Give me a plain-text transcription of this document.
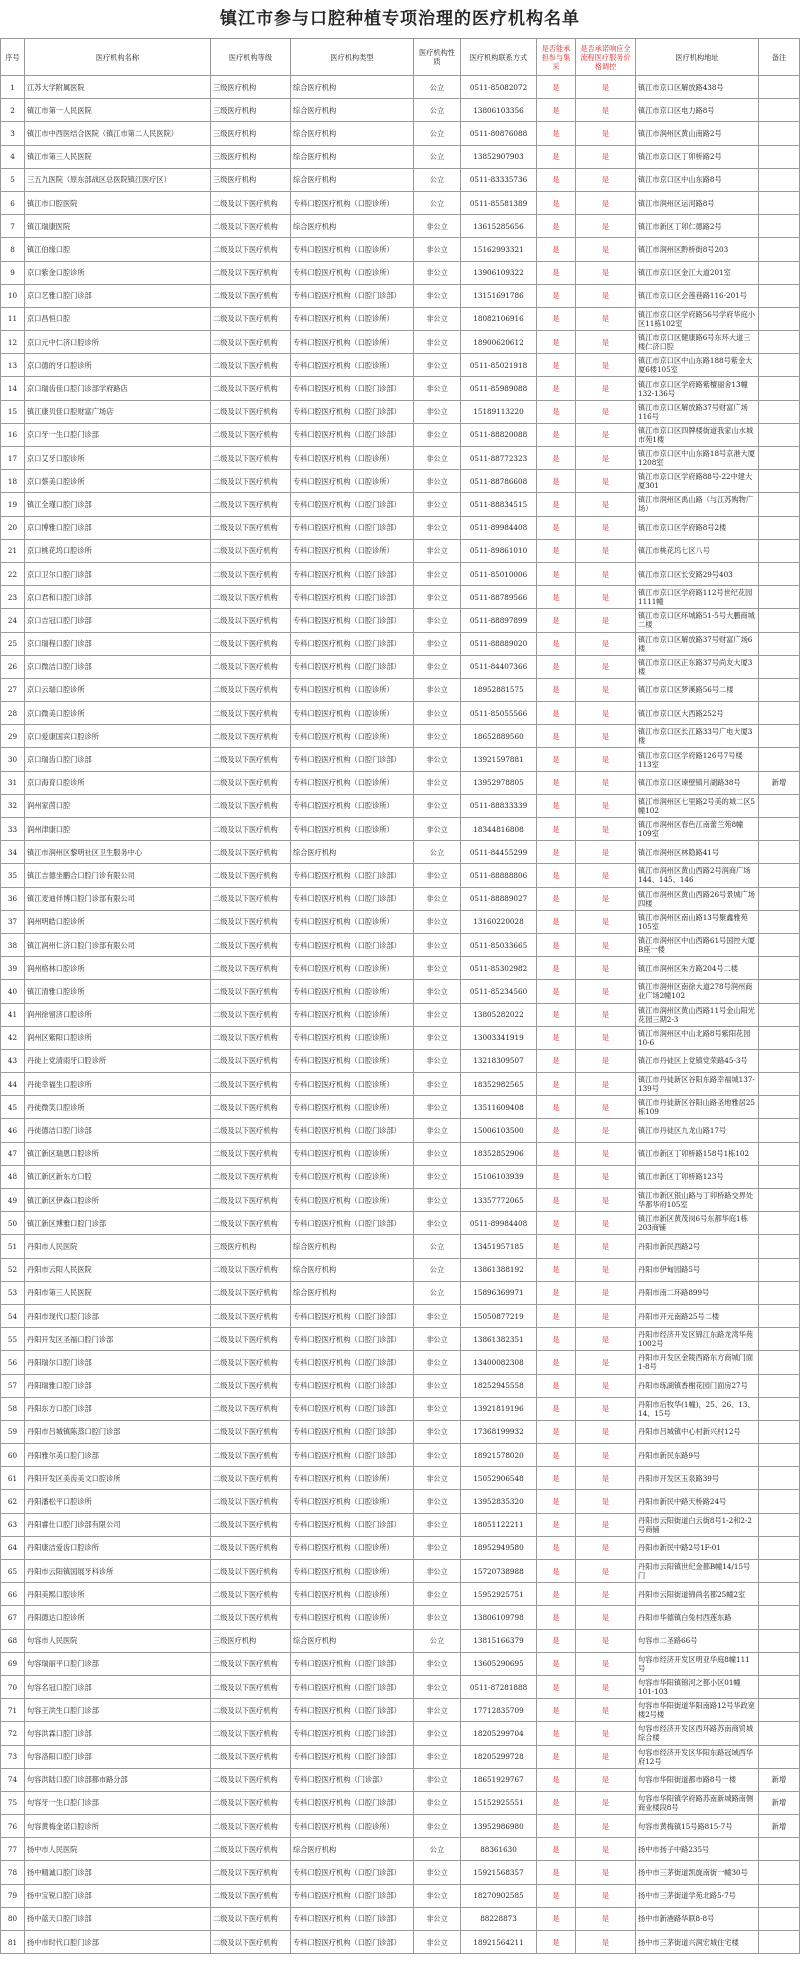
镇江市参与口腔种植专项治理的医疗机构名单
序号	医疗机构名称	医疗机构等级	医疗机构类型	医疗机构性质	医疗机构联系方式	是否能承担参与集采	是否承诺响应全流程医疗服务价格调控	医疗机构地址	备注
1	江苏大学附属医院	三级医疗机构	综合医疗机构	公立	0511-85082072	是	是	镇江市京口区解放路438号	
2	镇江市第一人民医院	三级医疗机构	综合医疗机构	公立	13806103356	是	是	镇江市京口区电力路8号	
3	镇江市中西医结合医院（镇江市第二人民医院）	三级医疗机构	综合医疗机构	公立	0511-80876088	是	是	镇江市润州区黄山南路2号	
4	镇江市第三人民医院	三级医疗机构	综合医疗机构	公立	13852907903	是	是	镇江市京口区丁卯桥路2号	
5	三五九医院（原东部战区总医院镇江医疗区）	三级医疗机构	综合医疗机构	公立	0511-83335736	是	是	镇江市京口区中山东路8号	
6	镇江市口腔医院	二级及以下医疗机构	专科口腔医疗机构（口腔诊所）	公立	0511-85581389	是	是	镇江市润州区运河路8号	
7	镇江瑞康医院	二级及以下医疗机构	综合医疗机构	非公立	13615285656	是	是	镇江市新区丁卯仁德路2号	
8	镇江伯缘口腔	二级及以下医疗机构	专科口腔医疗机构（口腔诊所）	非公立	15162993321	是	是	镇江市润州区黔桥街8号203	
9	京口紫金口腔诊所	二级及以下医疗机构	专科口腔医疗机构（口腔诊所）	非公立	13906109322	是	是	镇江市京口区金江大道201室	
10	京口艺雅口腔门诊部	二级及以下医疗机构	专科口腔医疗机构（口腔门诊部）	非公立	13151691786	是	是	镇江市京口区会莲巷路116-201号	
11	京口昌恒口腔	二级及以下医疗机构	专科口腔医疗机构（口腔诊所）	非公立	18082106916	是	是	镇江市京口区学府路56号学府华庭小区11栋102室	
12	京口元中仁济口腔诊所	二级及以下医疗机构	专科口腔医疗机构（口腔诊所）	非公立	18900620612	是	是	镇江市京口区健康路6号东环大道三楼仁济口腔	
13	京口德的牙口腔诊所	二级及以下医疗机构	专科口腔医疗机构（口腔诊所）	非公立	0511-85021918	是	是	镇江市京口区中山东路188号紫金大厦6楼105室	
14	京口瑞齿佳口腔门诊部学府路店	二级及以下医疗机构	专科口腔医疗机构（口腔门诊部）	非公立	0511-85989088	是	是	镇江市京口区学府路紫檀丽舍13幢132-136号	
15	镇江康贝佳口腔财富广场店	二级及以下医疗机构	专科口腔医疗机构（口腔门诊部）	非公立	15189113220	是	是	镇江市京口区解放路37号财富广场116号	
16	京口牙一生口腔门诊部	二级及以下医疗机构	专科口腔医疗机构（口腔门诊部）	非公立	0511-88820088	是	是	镇江市京口区四牌楼街道我家山水城市苑1楼	
17	京口艾牙口腔诊所	二级及以下医疗机构	专科口腔医疗机构（口腔诊所）	非公立	0511-88772323	是	是	镇江市京口区中山东路18号京港大厦1208室	
18	京口蔡美口腔诊所	二级及以下医疗机构	专科口腔医疗机构（口腔诊所）	非公立	0511-88786608	是	是	镇江市京口区学府路88号-22中建大厦301	
19	镇江全瑾口腔门诊部	二级及以下医疗机构	专科口腔医疗机构（口腔门诊部）	非公立	0511-88834515	是	是	镇江市润州区禹山路（与江苏购物广场）	
20	京口博雅口腔门诊部	二级及以下医疗机构	专科口腔医疗机构（口腔门诊部）	非公立	0511-89984408	是	是	镇江市京口区学府路8号2楼	
21	京口桃花坞口腔诊所	二级及以下医疗机构	专科口腔医疗机构（口腔诊所）	非公立	0511-89861010	是	是	镇江市桃花坞七区八号	
22	京口卫尔口腔门诊部	二级及以下医疗机构	专科口腔医疗机构（口腔门诊部）	非公立	0511-85010006	是	是	镇江市京口区长安路29号403	
23	京口君和口腔门诊部	二级及以下医疗机构	专科口腔医疗机构（口腔门诊部）	非公立	0511-88789566	是	是	镇江市京口区学府路112号世纪花园1111幢	
24	京口吉冠口腔门诊部	二级及以下医疗机构	专科口腔医疗机构（口腔门诊部）	非公立	0511-88897899	是	是	镇江市京口区环城路51-5号大鹏商城二楼	
25	京口瑞程口腔门诊部	二级及以下医疗机构	专科口腔医疗机构（口腔门诊部）	非公立	0511-88889020	是	是	镇江市京口区解放路37号财富广场6楼	
26	京口微洁口腔门诊部	二级及以下医疗机构	专科口腔医疗机构（口腔门诊部）	非公立	0511-84407366	是	是	镇江市京口区正东路37号尚友大厦3楼	
27	京口云瑞口腔诊所	二级及以下医疗机构	专科口腔医疗机构（口腔诊所）	非公立	18952881575	是	是	镇江市京口区梦溪路56号二楼	
28	京口微美口腔诊所	二级及以下医疗机构	专科口腔医疗机构（口腔诊所）	非公立	0511-85055566	是	是	镇江市京口区大西路252号	
29	京口爱康国宾口腔诊所	二级及以下医疗机构	专科口腔医疗机构（口腔诊所）	非公立	18652889560	是	是	镇江市京口区长江路33号广电大厦3楼	
30	京口瑞齿口腔门诊部	二级及以下医疗机构	专科口腔医疗机构（口腔门诊部）	非公立	13921597881	是	是	镇江市京口区学府路126号7号楼113室	
31	京口海育口腔诊所	二级及以下医疗机构	专科口腔医疗机构（口腔诊所）	非公立	13952978805	是	是	镇江市京口区谏壁镇月湖路38号	新增
32	润州家茵口腔	二级及以下医疗机构	专科口腔医疗机构（口腔诊所）	非公立	0511-88833339	是	是	镇江市润州区七里路2号美的城二区5幢102	
33	润州津康口腔	二级及以下医疗机构	专科口腔医疗机构（口腔诊所）	非公立	18344816808	是	是	镇江市润州区春色江南蕾兰苑8幢109室	
34	镇江市润州区黎明社区卫生服务中心	二级及以下医疗机构	综合医疗机构	公立	0511-84455299	是	是	镇江市润州区林隐路41号	
35	镇江吉德坐鹏合口腔门诊有限公司	二级及以下医疗机构	专科口腔医疗机构（口腔门诊部）	非公立	0511-88888806	是	是	镇江市润州区黄山西路2号润商广场144、145、146	
36	镇江麦迪伴博口腔门诊部有限公司	二级及以下医疗机构	专科口腔医疗机构（口腔门诊部）	非公立	0511-88889027	是	是	镇江市润州区黄山西路26号景城广场四楼	
37	润州明皓口腔诊所	二级及以下医疗机构	专科口腔医疗机构（口腔诊所）	非公立	13160220028	是	是	镇江市润州区南山路13号聚鑫雅苑105室	
38	镇江润州仁济口腔门诊部有限公司	二级及以下医疗机构	专科口腔医疗机构（口腔门诊部）	非公立	0511-85033665	是	是	镇江市润州区中山西路61号国控大厦B座一楼	
39	润州格林口腔诊所	二级及以下医疗机构	专科口腔医疗机构（口腔诊所）	非公立	0511-85302982	是	是	镇江市润州区朱方路204号二楼	
40	镇江清雅口腔诊所	二级及以下医疗机构	专科口腔医疗机构（口腔诊所）	非公立	0511-85234560	是	是	镇江市润州区南徐大道278号润州商业广场2幢102	
41	润州徐留济口腔诊所	二级及以下医疗机构	专科口腔医疗机构（口腔诊所）	非公立	13805282022	是	是	镇江市润州区黄山西路11号金山阳光花园三期2-3	
42	润州区紫阳口腔诊所	二级及以下医疗机构	专科口腔医疗机构（口腔诊所）	非公立	13003341919	是	是	镇江市润州区中山北路8号紫阳花园10-6	
43	丹徒上党清雨牙口腔诊所	二级及以下医疗机构	专科口腔医疗机构（口腔诊所）	非公立	13218309507	是	是	镇江市丹徒区上党镇党荣路45-3号	
44	丹徒幸福生口腔诊所	二级及以下医疗机构	专科口腔医疗机构（口腔诊所）	非公立	18352982565	是	是	镇江市丹徒新区谷阳东路幸福城137-139号	
45	丹徒微笑口腔诊所	二级及以下医疗机构	专科口腔医疗机构（口腔诊所）	非公立	13511609408	是	是	镇江市丹徒新区谷阳山路圣地雅居25栋109	
46	丹徒德洁口腔门诊部	二级及以下医疗机构	专科口腔医疗机构（口腔门诊部）	非公立	15006103500	是	是	镇江市丹徒区九龙山路17号	
47	镇江新区瑞恩口腔诊所	二级及以下医疗机构	专科口腔医疗机构（口腔诊所）	非公立	18352852906	是	是	镇江市新区丁卯桥路158号1栋102	
48	镇江新区新东方口腔	二级及以下医疗机构	专科口腔医疗机构（口腔诊所）	非公立	15106103939	是	是	镇江市新区丁卯桥路123号	
49	镇江新区伊森口腔诊所	二级及以下医疗机构	专科口腔医疗机构（口腔诊所）	非公立	13357772065	是	是	镇江市新区银山路与丁卯桥路交界处华都华府105室	
50	镇江新区博雅口腔门诊部	二级及以下医疗机构	专科口腔医疗机构（口腔门诊部）	非公立	0511-89984408	是	是	镇江市新区黄茂岗6号东都华庭1栋203商铺	
51	丹阳市人民医院	三级医疗机构	综合医疗机构	公立	13451957185	是	是	丹阳市新民西路2号	
52	丹阳市云阳人民医院	二级及以下医疗机构	综合医疗机构	公立	13861388192	是	是	丹阳市伊甸园路5号	
53	丹阳市第三人民医院	二级及以下医疗机构	综合医疗机构	公立	15896369971	是	是	丹阳市南二环路899号	
54	丹阳市现代口腔门诊部	二级及以下医疗机构	专科口腔医疗机构（口腔门诊部）	非公立	15050877219	是	是	丹阳市开元南路25号二楼	
55	丹阳开发区圣福口腔门诊部	二级及以下医疗机构	专科口腔医疗机构（口腔门诊部）	非公立	13861382351	是	是	丹阳市经济开发区锦江东路龙湾华苑1002号	
56	丹阳瑞尔口腔门诊部	二级及以下医疗机构	专科口腔医疗机构（口腔门诊部）	非公立	13400082308	是	是	丹阳市开发区金陵西路东方商城门面1-8号	
57	丹阳瑞雅口腔门诊部	二级及以下医疗机构	专科口腔医疗机构（口腔门诊部）	非公立	18252945558	是	是	丹阳市练湖镇香榭花园门面房27号	
58	丹阳东方口腔门诊部	二级及以下医疗机构	专科口腔医疗机构（口腔门诊部）	非公立	13921819196	是	是	丹阳市后牧华(1幢)，25、26、13、14、15号	
59	丹阳市吕城镇陈蒸口腔门诊部	二级及以下医疗机构	专科口腔医疗机构（口腔门诊部）	非公立	17368199932	是	是	丹阳市吕城镇中心村新兴村12号	
60	丹阳雅尔美口腔门诊部	二级及以下医疗机构	专科口腔医疗机构（口腔门诊部）	非公立	18921578020	是	是	丹阳市新民东路9号	
61	丹阳开发区美齿美文口腔诊所	二级及以下医疗机构	专科口腔医疗机构（口腔诊所）	非公立	15052906548	是	是	丹阳市开发区玉泉路39号	
62	丹阳潘松平口腔诊所	二级及以下医疗机构	专科口腔医疗机构（口腔诊所）	非公立	13952835320	是	是	丹阳市新民中路天桥路24号	
63	丹阳睿仕口腔门诊部有限公司	二级及以下医疗机构	专科口腔医疗机构（口腔门诊部）	非公立	18051122211	是	是	丹阳市云阳街道白云街8号1-2和2-2号商铺	
64	丹阳康洁爱齿口腔诊所	二级及以下医疗机构	专科口腔医疗机构（口腔诊所）	非公立	18952949580	是	是	丹阳市新民中路2号1F-01	
65	丹阳市云阳镇国展牙科诊所	二级及以下医疗机构	专科口腔医疗机构（口腔诊所）	非公立	15720738988	是	是	丹阳市云阳镇世纪金都B幢14/15号门	
66	丹阳美熙口腔诊所	二级及以下医疗机构	专科口腔医疗机构（口腔诊所）	非公立	15952925751	是	是	丹阳市云阳街道锦尚名都25幢2室	
67	丹阳德达口腔诊所	二级及以下医疗机构	专科口腔医疗机构（口腔诊所）	非公立	13806109798	是	是	丹阳市华德镇白兔村西莲东路	
68	句容市人民医院	三级医疗机构	综合医疗机构	公立	13815166379	是	是	句容市二圣路66号	
69	句容瑞丽平口腔门诊部	二级及以下医疗机构	专科口腔医疗机构（口腔门诊部）	非公立	13605290695	是	是	句容市经济开发区明亚华庭8幢111号	
70	句容名冠口腔门诊部	二级及以下医疗机构	专科口腔医疗机构（口腔门诊部）	非公立	0511-87281888	是	是	句容市华阳镇锦河之都小区01幢101-103	
71	句容王洪生口腔门诊部	二级及以下医疗机构	专科口腔医疗机构（口腔门诊部）	非公立	17712835709	是	是	句容市华阳街道华阳南路12号华政宽楼2号楼	
72	句容洪霖口腔门诊部	二级及以下医疗机构	专科口腔医疗机构（口腔门诊部）	非公立	18205299704	是	是	句容市经济开发区西环路苏南商贸城综合楼	
73	句容洛阳口腔门诊部	二级及以下医疗机构	专科口腔医疗机构（口腔门诊部）	非公立	18205299728	是	是	句容市经济开发区华阳东路冠域西华府12号	
74	句容洪陆口腔门诊部都市路分部	二级及以下医疗机构	专科口腔医疗机构（门诊部）	非公立	18651929767	是	是	句容市华阳街道都市路8号一楼	新增
75	句容牙一生口腔门诊部	二级及以下医疗机构	专科口腔医疗机构（口腔门诊部）	非公立	15152925551	是	是	句容市华阳镇学府路苏南新城路南侧商业楼段8号	新增
76	句容黄梅金诺口腔诊所	二级及以下医疗机构	专科口腔医疗机构（口腔诊所）	非公立	13952986980	是	是	句容市黄梅镇15号路815-7号	新增
77	扬中市人民医院	二级及以下医疗机构	综合医疗机构	公立	88361630	是	是	扬中市扬子中路235号	
78	扬中精诚口腔门诊部	二级及以下医疗机构	专科口腔医疗机构（口腔门诊部）	非公立	15921568357	是	是	扬中市三茅街道凯旋南街一幢30号	
79	扬中宝锐口腔门诊部	二级及以下医疗机构	专科口腔医疗机构（口腔门诊部）	非公立	18270902585	是	是	扬中市三茅街道学苑北路5-7号	
80	扬中蓝天口腔门诊部	二级及以下医疗机构	专科口腔医疗机构（口腔门诊部）	非公立	88228873	是	是	扬中市新港路华联8-8号	
81	扬中市时代口腔门诊部	二级及以下医疗机构	专科口腔医疗机构（口腔门诊部）	非公立	18921564211	是	是	扬中市三茅街道兴润宏城住宅楼	
